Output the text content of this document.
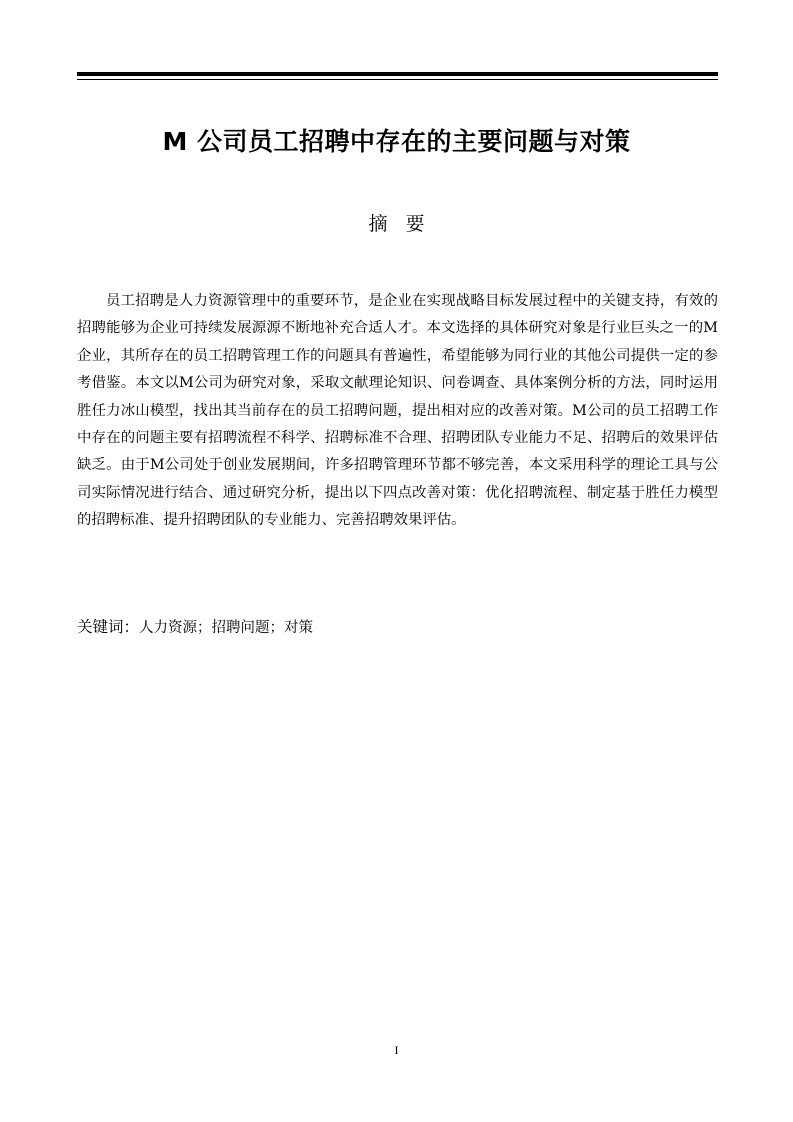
M 公司员工招聘中存在的主要问题与对策
摘要

员工招聘是人力资源管理中的重要环节，是企业在实现战略目标发展过程中的关键支持，有效的招聘能够为企业可持续发展源源不断地补充合适人才。本文选择的具体研究对象是行业巨头之一的M企业，其所存在的员工招聘管理工作的问题具有普遍性，希望能够为同行业的其他公司提供一定的参考借鉴。本文以M公司为研究对象，采取文献理论知识、问卷调查、具体案例分析的方法，同时运用胜任力冰山模型，找出其当前存在的员工招聘问题，提出相对应的改善对策。M公司的员工招聘工作中存在的问题主要有招聘流程不科学、招聘标准不合理、招聘团队专业能力不足、招聘后的效果评估缺乏。由于M公司处于创业发展期间，许多招聘管理环节都不够完善，本文采用科学的理论工具与公司实际情况进行结合、通过研究分析，提出以下四点改善对策：优化招聘流程、制定基于胜任力模型的招聘标准、提升招聘团队的专业能力、完善招聘效果评估。

关键词：人力资源；招聘问题；对策
I
